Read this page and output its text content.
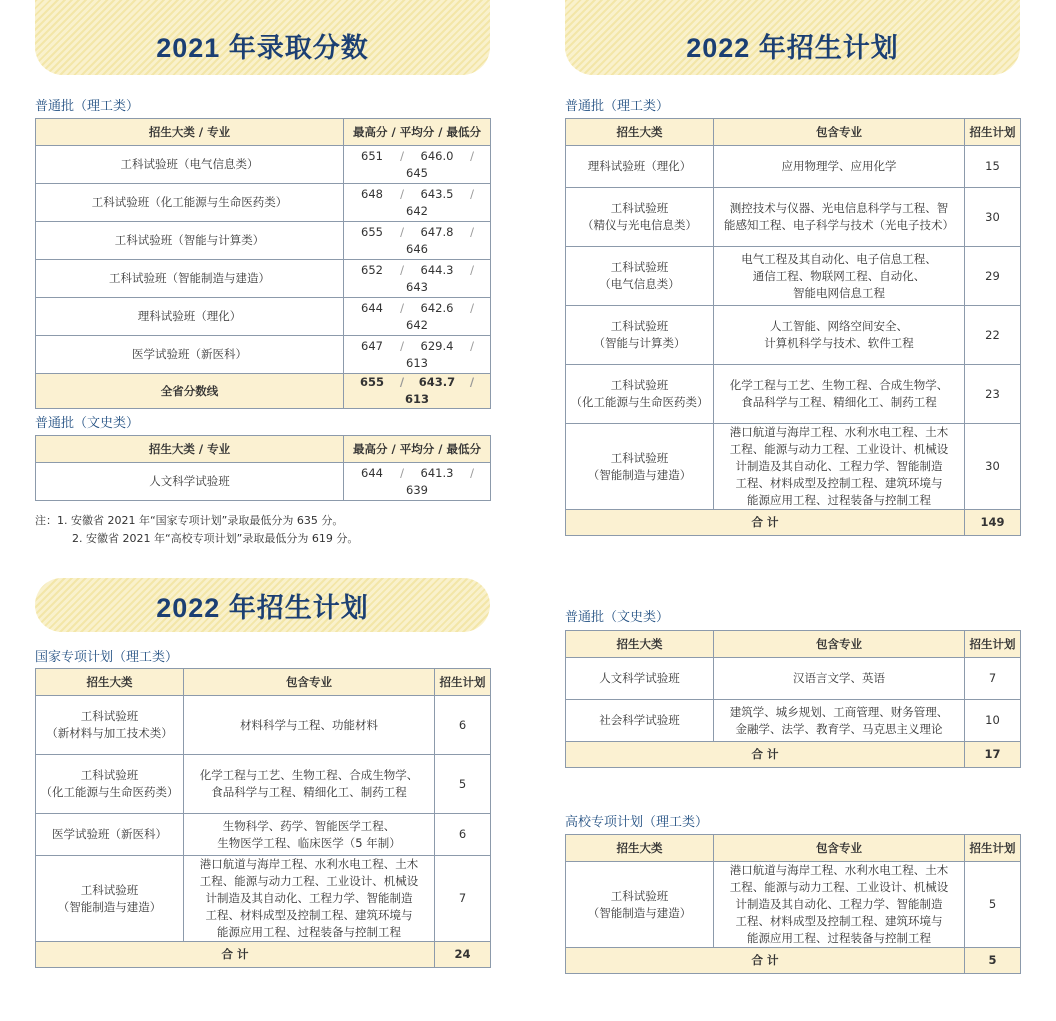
2021 年录取分数
普通批（理工类）
招生大类 / 专业	最高分 / 平均分 / 最低分
工科试验班（电气信息类）	651 / 646.0 /645
工科试验班（化工能源与生命医药类）	648 / 643.5 /642
工科试验班（智能与计算类）	655 / 647.8 /646
工科试验班（智能制造与建造）	652 / 644.3 /643
理科试验班（理化）	644 / 642.6 /642
医学试验班（新医科）	647 / 629.4 /613
全省分数线	655 / 643.7 /613
普通批（文史类）
招生大类 / 专业	最高分 / 平均分 / 最低分
人文科学试验班	644 / 641.3 /639
注：1. 安徽省 2021 年“国家专项计划”录取最低分为 635 分。
2. 安徽省 2021 年“高校专项计划”录取最低分为 619 分。
2022 年招生计划
国家专项计划（理工类）
招生大类	包含专业	招生计划
工科试验班
（新材料与加工技术类）	材料科学与工程、功能材料	6
工科试验班
（化工能源与生命医药类）	化学工程与工艺、生物工程、合成生物学、
食品科学与工程、精细化工、制药工程	5
医学试验班（新医科）	生物科学、药学、智能医学工程、
生物医学工程、临床医学（5 年制）	6
工科试验班
（智能制造与建造）	港口航道与海岸工程、水利水电工程、土木
工程、能源与动力工程、工业设计、机械设
计制造及其自动化、工程力学、智能制造
工程、材料成型及控制工程、建筑环境与
能源应用工程、过程装备与控制工程	7
合 计		24
2022 年招生计划
普通批（理工类）
招生大类	包含专业	招生计划
理科试验班（理化）	应用物理学、应用化学	15
工科试验班
（精仪与光电信息类）	测控技术与仪器、光电信息科学与工程、智
能感知工程、电子科学与技术（光电子技术）	30
工科试验班
（电气信息类）	电气工程及其自动化、电子信息工程、
通信工程、物联网工程、自动化、
智能电网信息工程	29
工科试验班
（智能与计算类）	人工智能、网络空间安全、
计算机科学与技术、软件工程	22
工科试验班
（化工能源与生命医药类）	化学工程与工艺、生物工程、合成生物学、
食品科学与工程、精细化工、制药工程	23
工科试验班
（智能制造与建造）	港口航道与海岸工程、水利水电工程、土木
工程、能源与动力工程、工业设计、机械设
计制造及其自动化、工程力学、智能制造
工程、材料成型及控制工程、建筑环境与
能源应用工程、过程装备与控制工程	30
合 计		149
普通批（文史类）
招生大类	包含专业	招生计划
人文科学试验班	汉语言文学、英语	7
社会科学试验班	建筑学、城乡规划、工商管理、财务管理、
金融学、法学、教育学、马克思主义理论	10
合 计		17
高校专项计划（理工类）
招生大类	包含专业	招生计划
工科试验班
（智能制造与建造）	港口航道与海岸工程、水利水电工程、土木
工程、能源与动力工程、工业设计、机械设
计制造及其自动化、工程力学、智能制造
工程、材料成型及控制工程、建筑环境与
能源应用工程、过程装备与控制工程	5
合 计		5
